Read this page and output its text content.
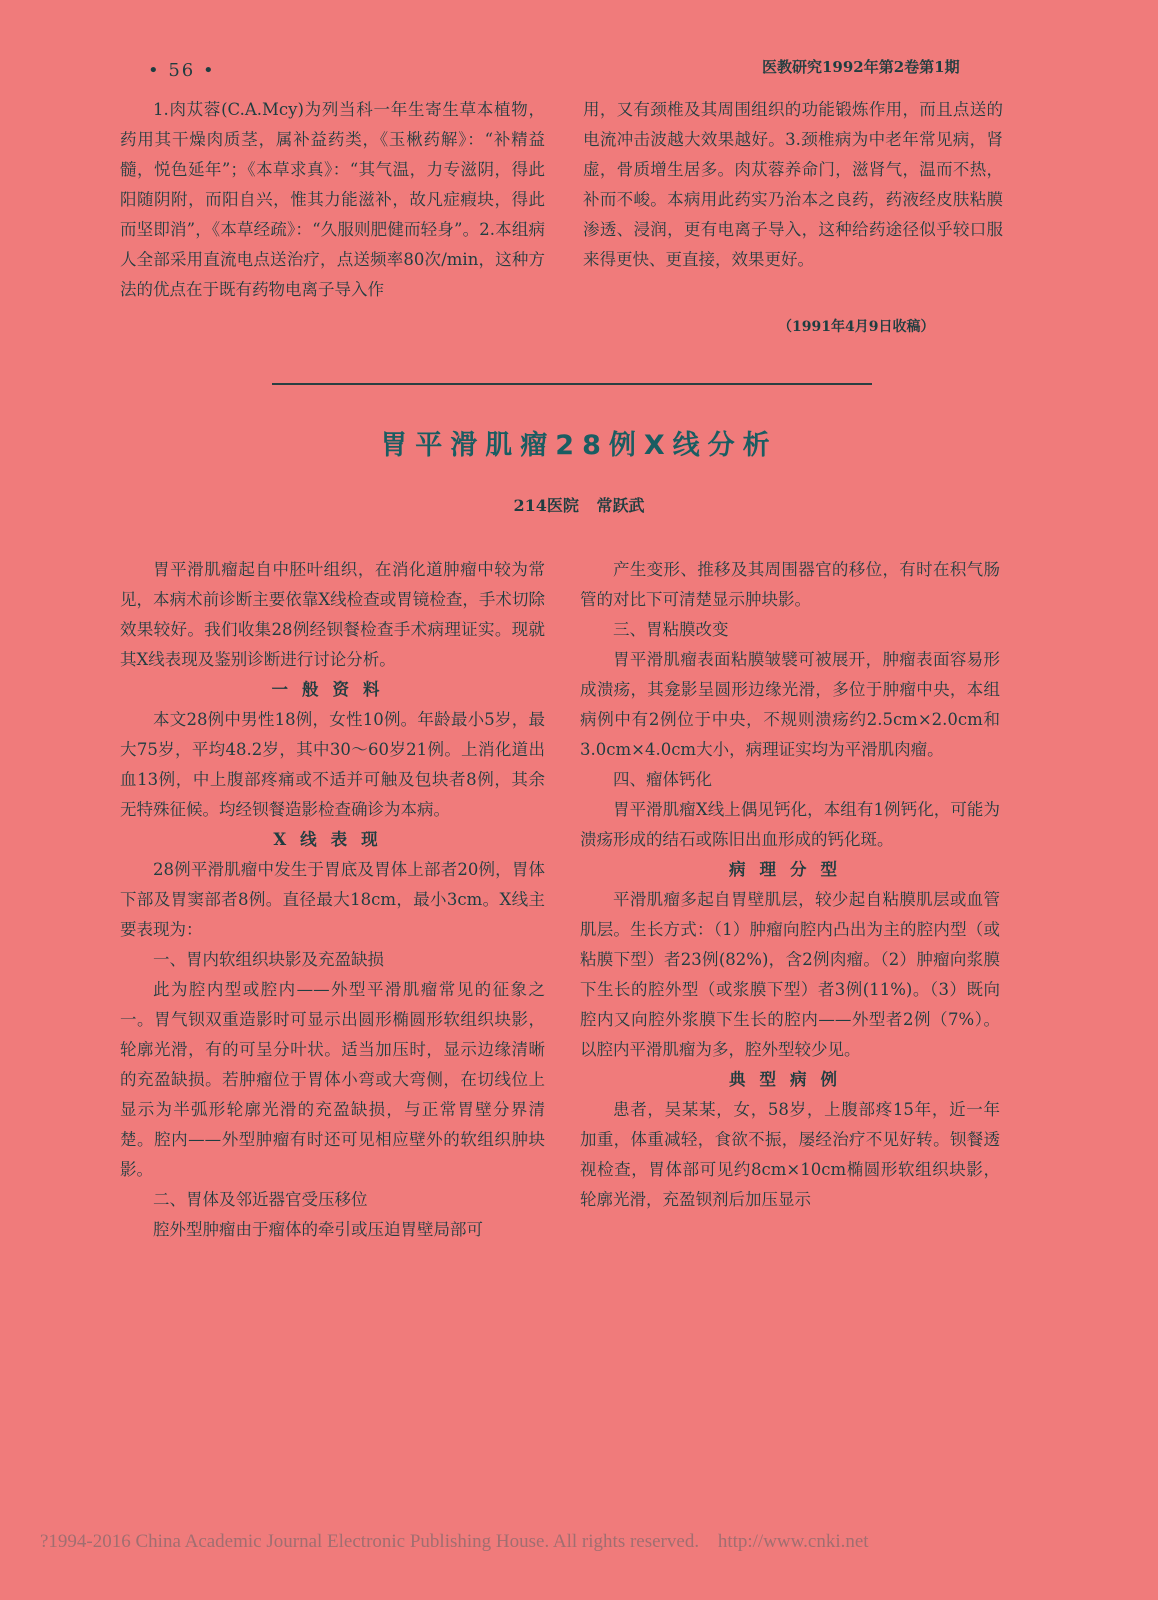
• 56 •	医教研究1992年第2卷第1期

1.肉苁蓉(C.A.Mcy)为列当科一年生寄生草本植物，药用其干燥肉质茎，属补益药类，《玉楸药解》：“补精益髓，悦色延年”；《本草求真》：“其气温，力专滋阴，得此阳随阴附，而阳自兴，惟其力能滋补，故凡症瘕块，得此而坚即消”，《本草经疏》：“久服则肥健而轻身”。2.本组病人全部采用直流电点送治疗，点送频率80次/min，这种方法的优点在于既有药物电离子导入作

用，又有颈椎及其周围组织的功能锻炼作用，而且点送的电流冲击波越大效果越好。3.颈椎病为中老年常见病，肾虚，骨质增生居多。肉苁蓉养命门，滋肾气，温而不热，补而不峻。本病用此药实乃治本之良药，药液经皮肤粘膜渗透、浸润，更有电离子导入，这种给药途径似乎较口服来得更快、更直接，效果更好。

（1991年4月9日收稿）
胃平滑肌瘤28例X线分析
214医院 常跃武

胃平滑肌瘤起自中胚叶组织，在消化道肿瘤中较为常见，本病术前诊断主要依靠X线检查或胃镜检查，手术切除效果较好。我们收集28例经钡餐检查手术病理证实。现就其X线表现及鉴别诊断进行讨论分析。

一般资料

本文28例中男性18例，女性10例。年龄最小5岁，最大75岁，平均48.2岁，其中30～60岁21例。上消化道出血13例，中上腹部疼痛或不适并可触及包块者8例，其余无特殊征候。均经钡餐造影检查确诊为本病。

X线表现

28例平滑肌瘤中发生于胃底及胃体上部者20例，胃体下部及胃窦部者8例。直径最大18cm，最小3cm。X线主要表现为：

一、胃内软组织块影及充盈缺损

此为腔内型或腔内——外型平滑肌瘤常见的征象之一。胃气钡双重造影时可显示出圆形椭圆形软组织块影，轮廓光滑，有的可呈分叶状。适当加压时，显示边缘清晰的充盈缺损。若肿瘤位于胃体小弯或大弯侧，在切线位上显示为半弧形轮廓光滑的充盈缺损，与正常胃壁分界清楚。腔内——外型肿瘤有时还可见相应壁外的软组织肿块影。

二、胃体及邻近器官受压移位

腔外型肿瘤由于瘤体的牵引或压迫胃壁局部可

产生变形、推移及其周围器官的移位，有时在积气肠管的对比下可清楚显示肿块影。

三、胃粘膜改变

胃平滑肌瘤表面粘膜皱襞可被展开，肿瘤表面容易形成溃疡，其龛影呈圆形边缘光滑，多位于肿瘤中央，本组病例中有2例位于中央，不规则溃疡约2.5cm×2.0cm和3.0cm×4.0cm大小，病理证实均为平滑肌肉瘤。

四、瘤体钙化

胃平滑肌瘤X线上偶见钙化，本组有1例钙化，可能为溃疡形成的结石或陈旧出血形成的钙化斑。

病理分型

平滑肌瘤多起自胃壁肌层，较少起自粘膜肌层或血管肌层。生长方式：（1）肿瘤向腔内凸出为主的腔内型（或粘膜下型）者23例(82%)，含2例肉瘤。（2）肿瘤向浆膜下生长的腔外型（或浆膜下型）者3例(11%)。（3）既向腔内又向腔外浆膜下生长的腔内——外型者2例（7%）。以腔内平滑肌瘤为多，腔外型较少见。

典型病例

患者，吴某某，女，58岁，上腹部疼15年，近一年加重，体重减轻，食欲不振，屡经治疗不见好转。钡餐透视检查，胃体部可见约8cm×10cm椭圆形软组织块影，轮廓光滑，充盈钡剂后加压显示

?1994-2016 China Academic Journal Electronic Publishing House. All rights reserved. http://www.cnki.net
